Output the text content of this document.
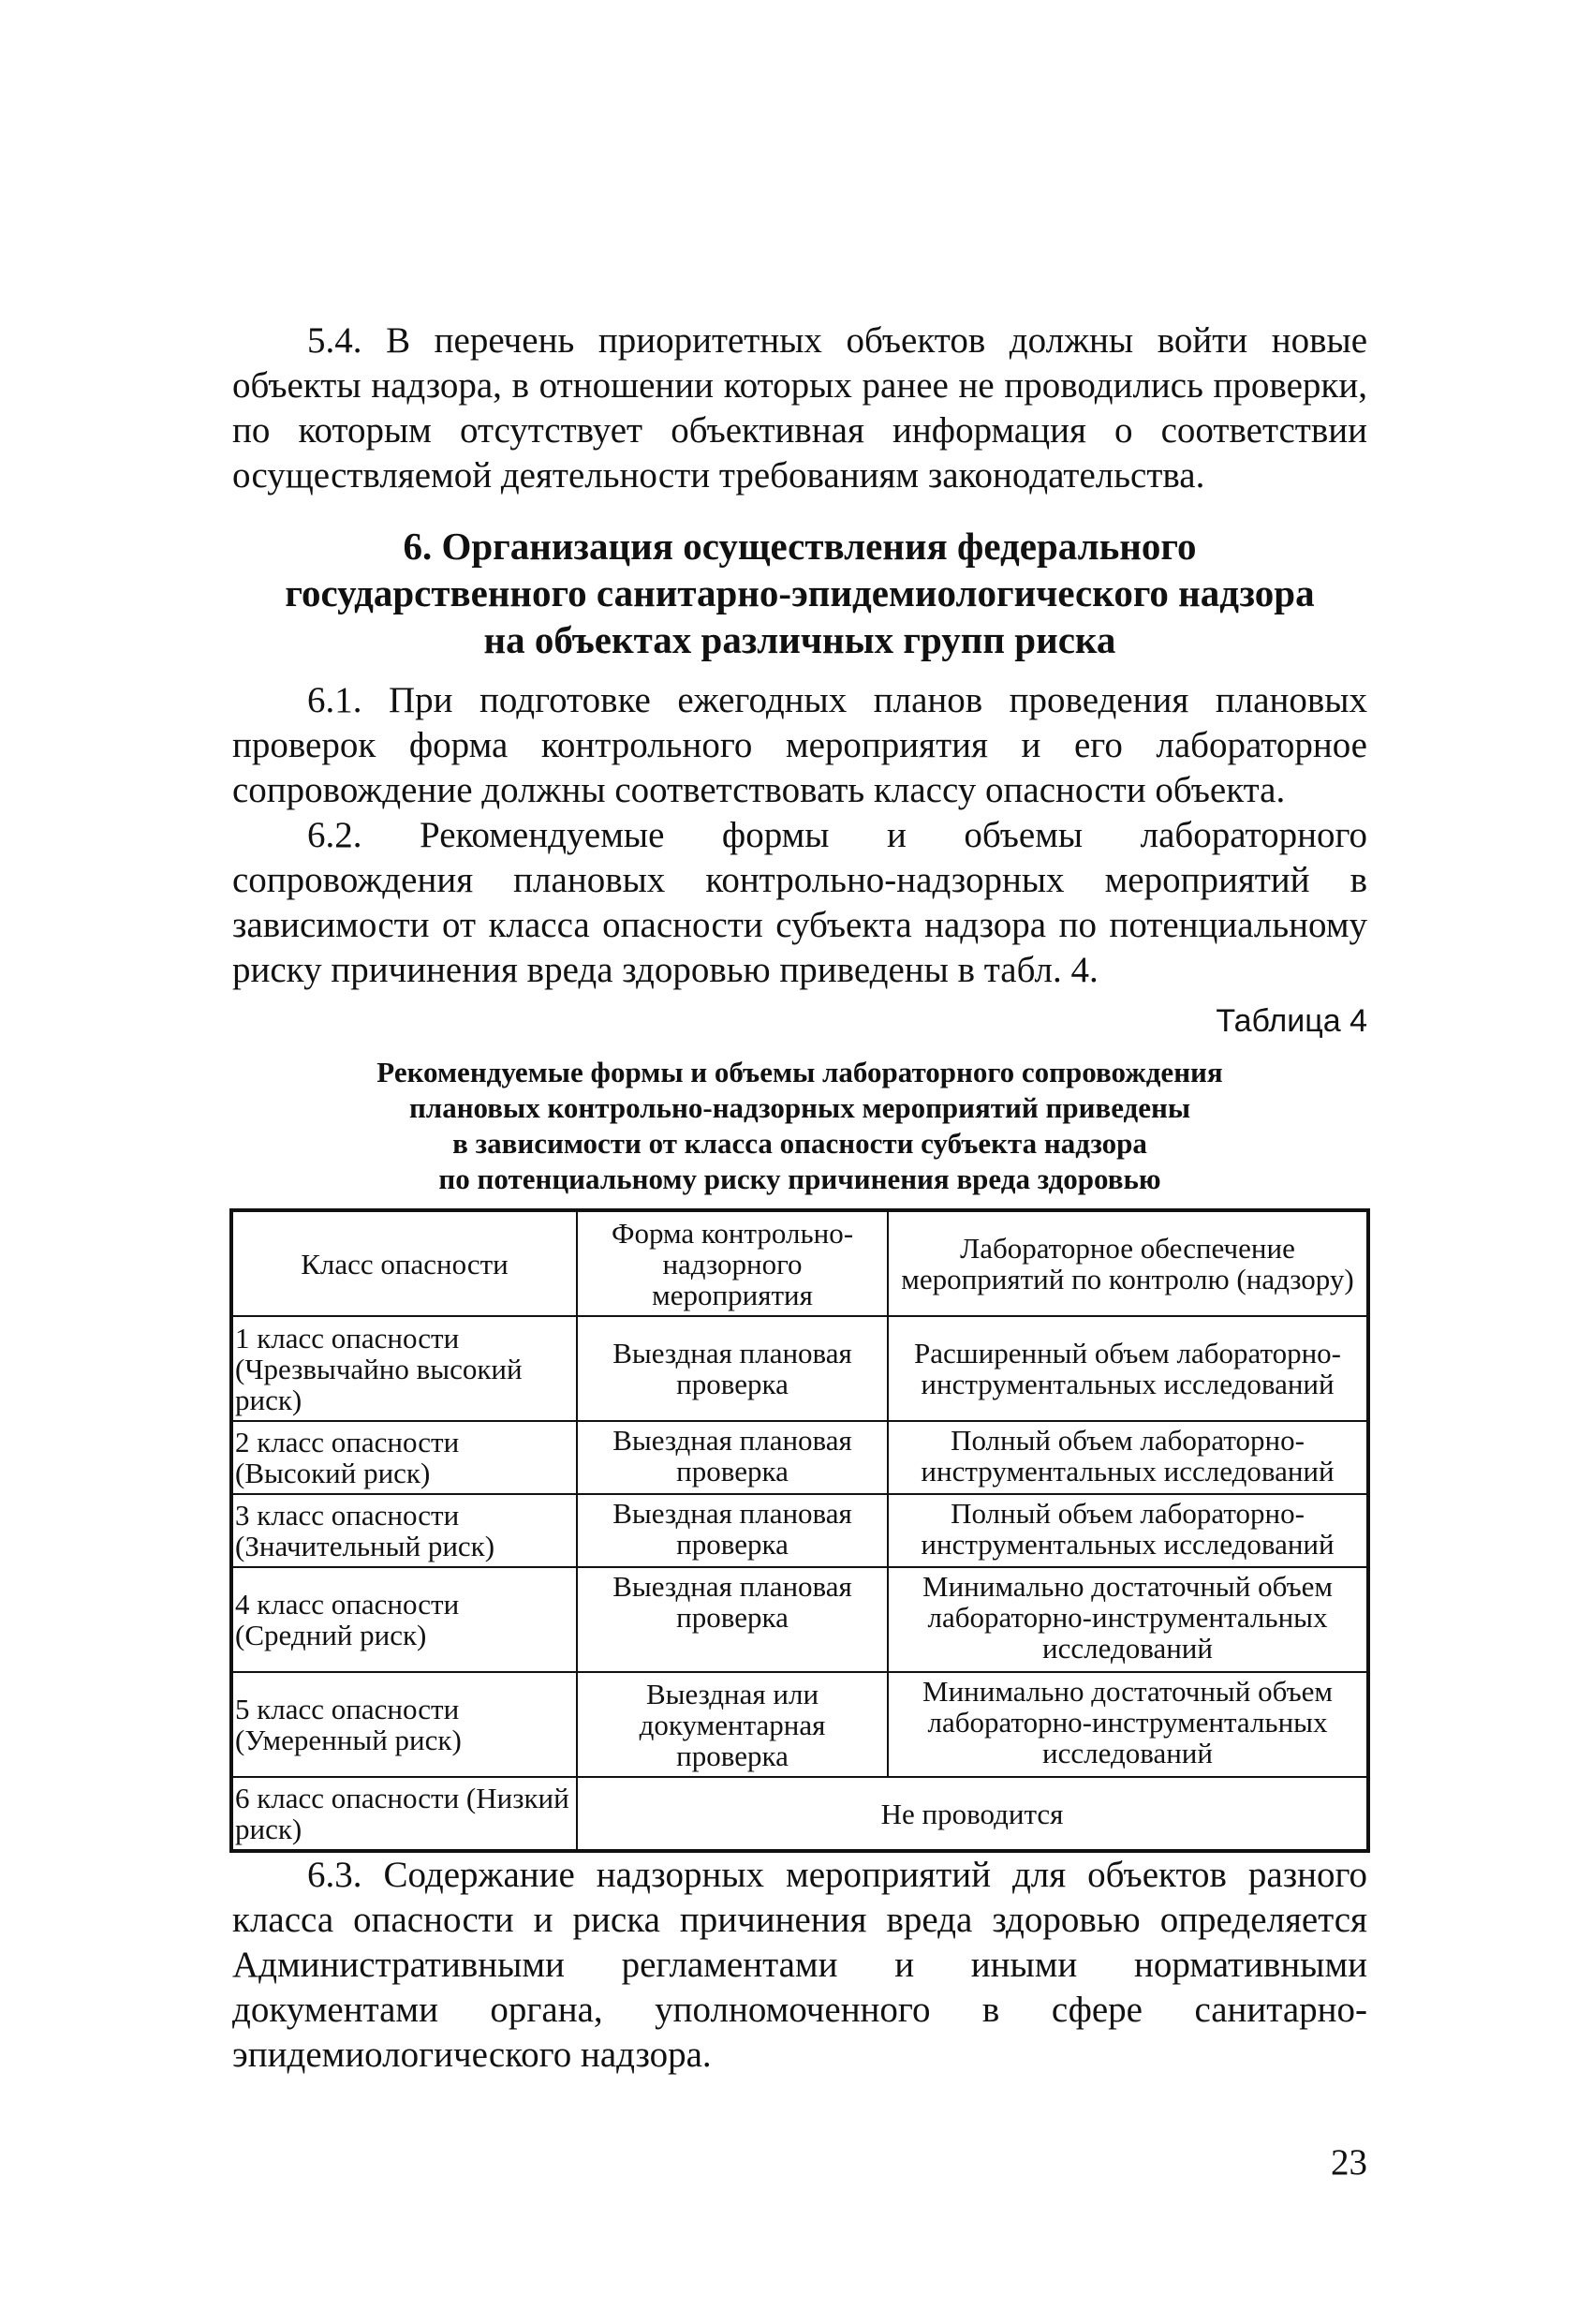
5.4. В перечень приоритетных объектов должны войти новые объекты надзора, в отношении которых ранее не проводились проверки, по которым отсутствует объективная информация о соответствии осуществляемой деятельности требованиям законодательства.

6. Организация осуществления федерального
государственного санитарно-эпидемиологического надзора
на объектах различных групп риска

6.1. При подготовке ежегодных планов проведения плановых проверок форма контрольного мероприятия и его лабораторное сопровождение должны соответствовать классу опасности объекта.

6.2. Рекомендуемые формы и объемы лабораторного сопровождения плановых контрольно-надзорных мероприятий в зависимости от класса опасности субъекта надзора по потенциальному риску причинения вреда здоровью приведены в табл. 4.

Таблица 4
Рекомендуемые формы и объемы лабораторного сопровождения
плановых контрольно-надзорных мероприятий приведены
в зависимости от класса опасности субъекта надзора
по потенциальному риску причинения вреда здоровью
Класс опасности	Форма контрольно-надзорного мероприятия	Лабораторное обеспечение мероприятий по контролю (надзору)
1 класс опасности (Чрезвычайно высокий риск)	Выездная плановая проверка	Расширенный объем лабораторно-инструментальных исследований
2 класс опасности (Высокий риск)	Выездная плановая проверка	Полный объем лабораторно-инструментальных исследований
3 класс опасности (Значительный риск)	Выездная плановая проверка	Полный объем лабораторно-инструментальных исследований
4 класс опасности (Средний риск)	Выездная плановая проверка	Минимально достаточный объем лабораторно-инструментальных исследований
5 класс опасности (Умеренный риск)	Выездная или документарная проверка	Минимально достаточный объем лабораторно-инструментальных исследований
6 класс опасности (Низкий риск)	Не проводится	

6.3. Содержание надзорных мероприятий для объектов разного класса опасности и риска причинения вреда здоровью определяется Административными регламентами и иными нормативными документами органа, уполномоченного в сфере санитарно-эпидемиологического надзора.

23
